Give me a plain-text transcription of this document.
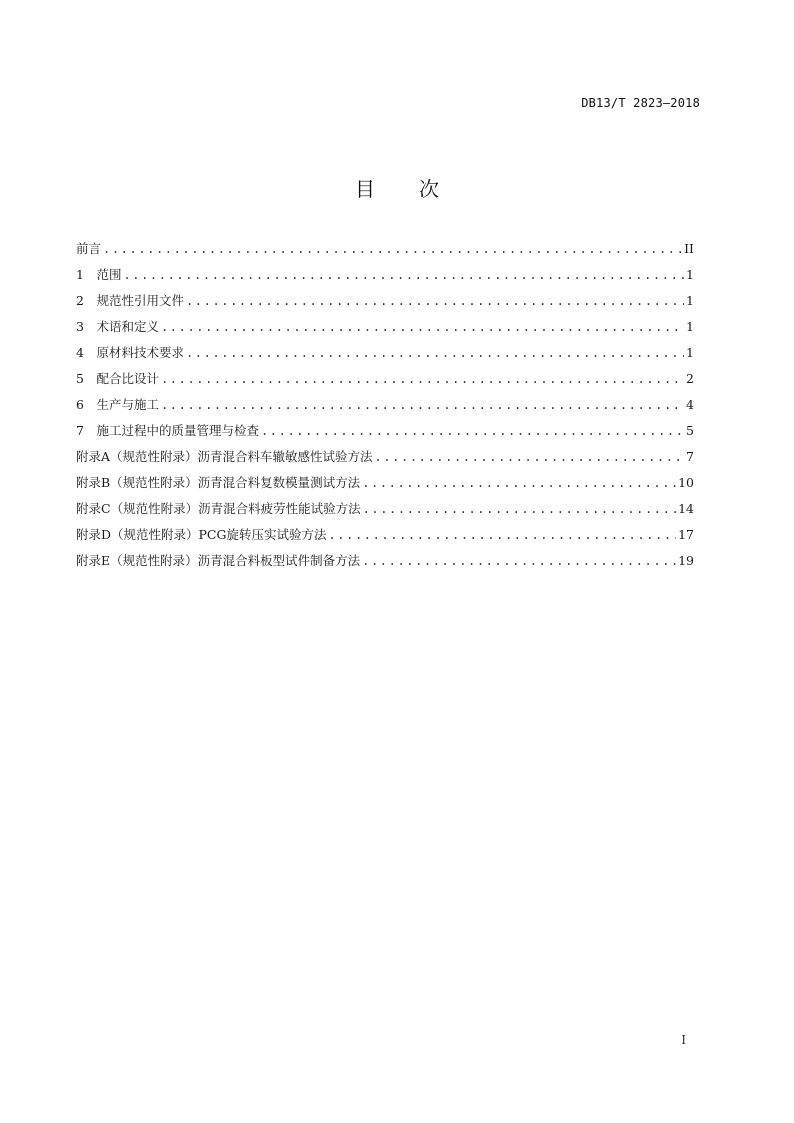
DB13/T 2823—2018
目次
前言 .....	II
1　范围 .....	1
2　规范性引用文件 .....	1
3　术语和定义 .....	1
4　原材料技术要求 .....	1
5　配合比设计 .....	2
6　生产与施工 .....	4
7　施工过程中的质量管理与检查 .....	5
附录A（规范性附录）沥青混合料车辙敏感性试验方法 .....	7
附录B（规范性附录）沥青混合料复数模量测试方法 .....	10
附录C（规范性附录）沥青混合料疲劳性能试验方法 .....	14
附录D（规范性附录）PCG旋转压实试验方法 .....	17
附录E（规范性附录）沥青混合料板型试件制备方法 .....	19
I
